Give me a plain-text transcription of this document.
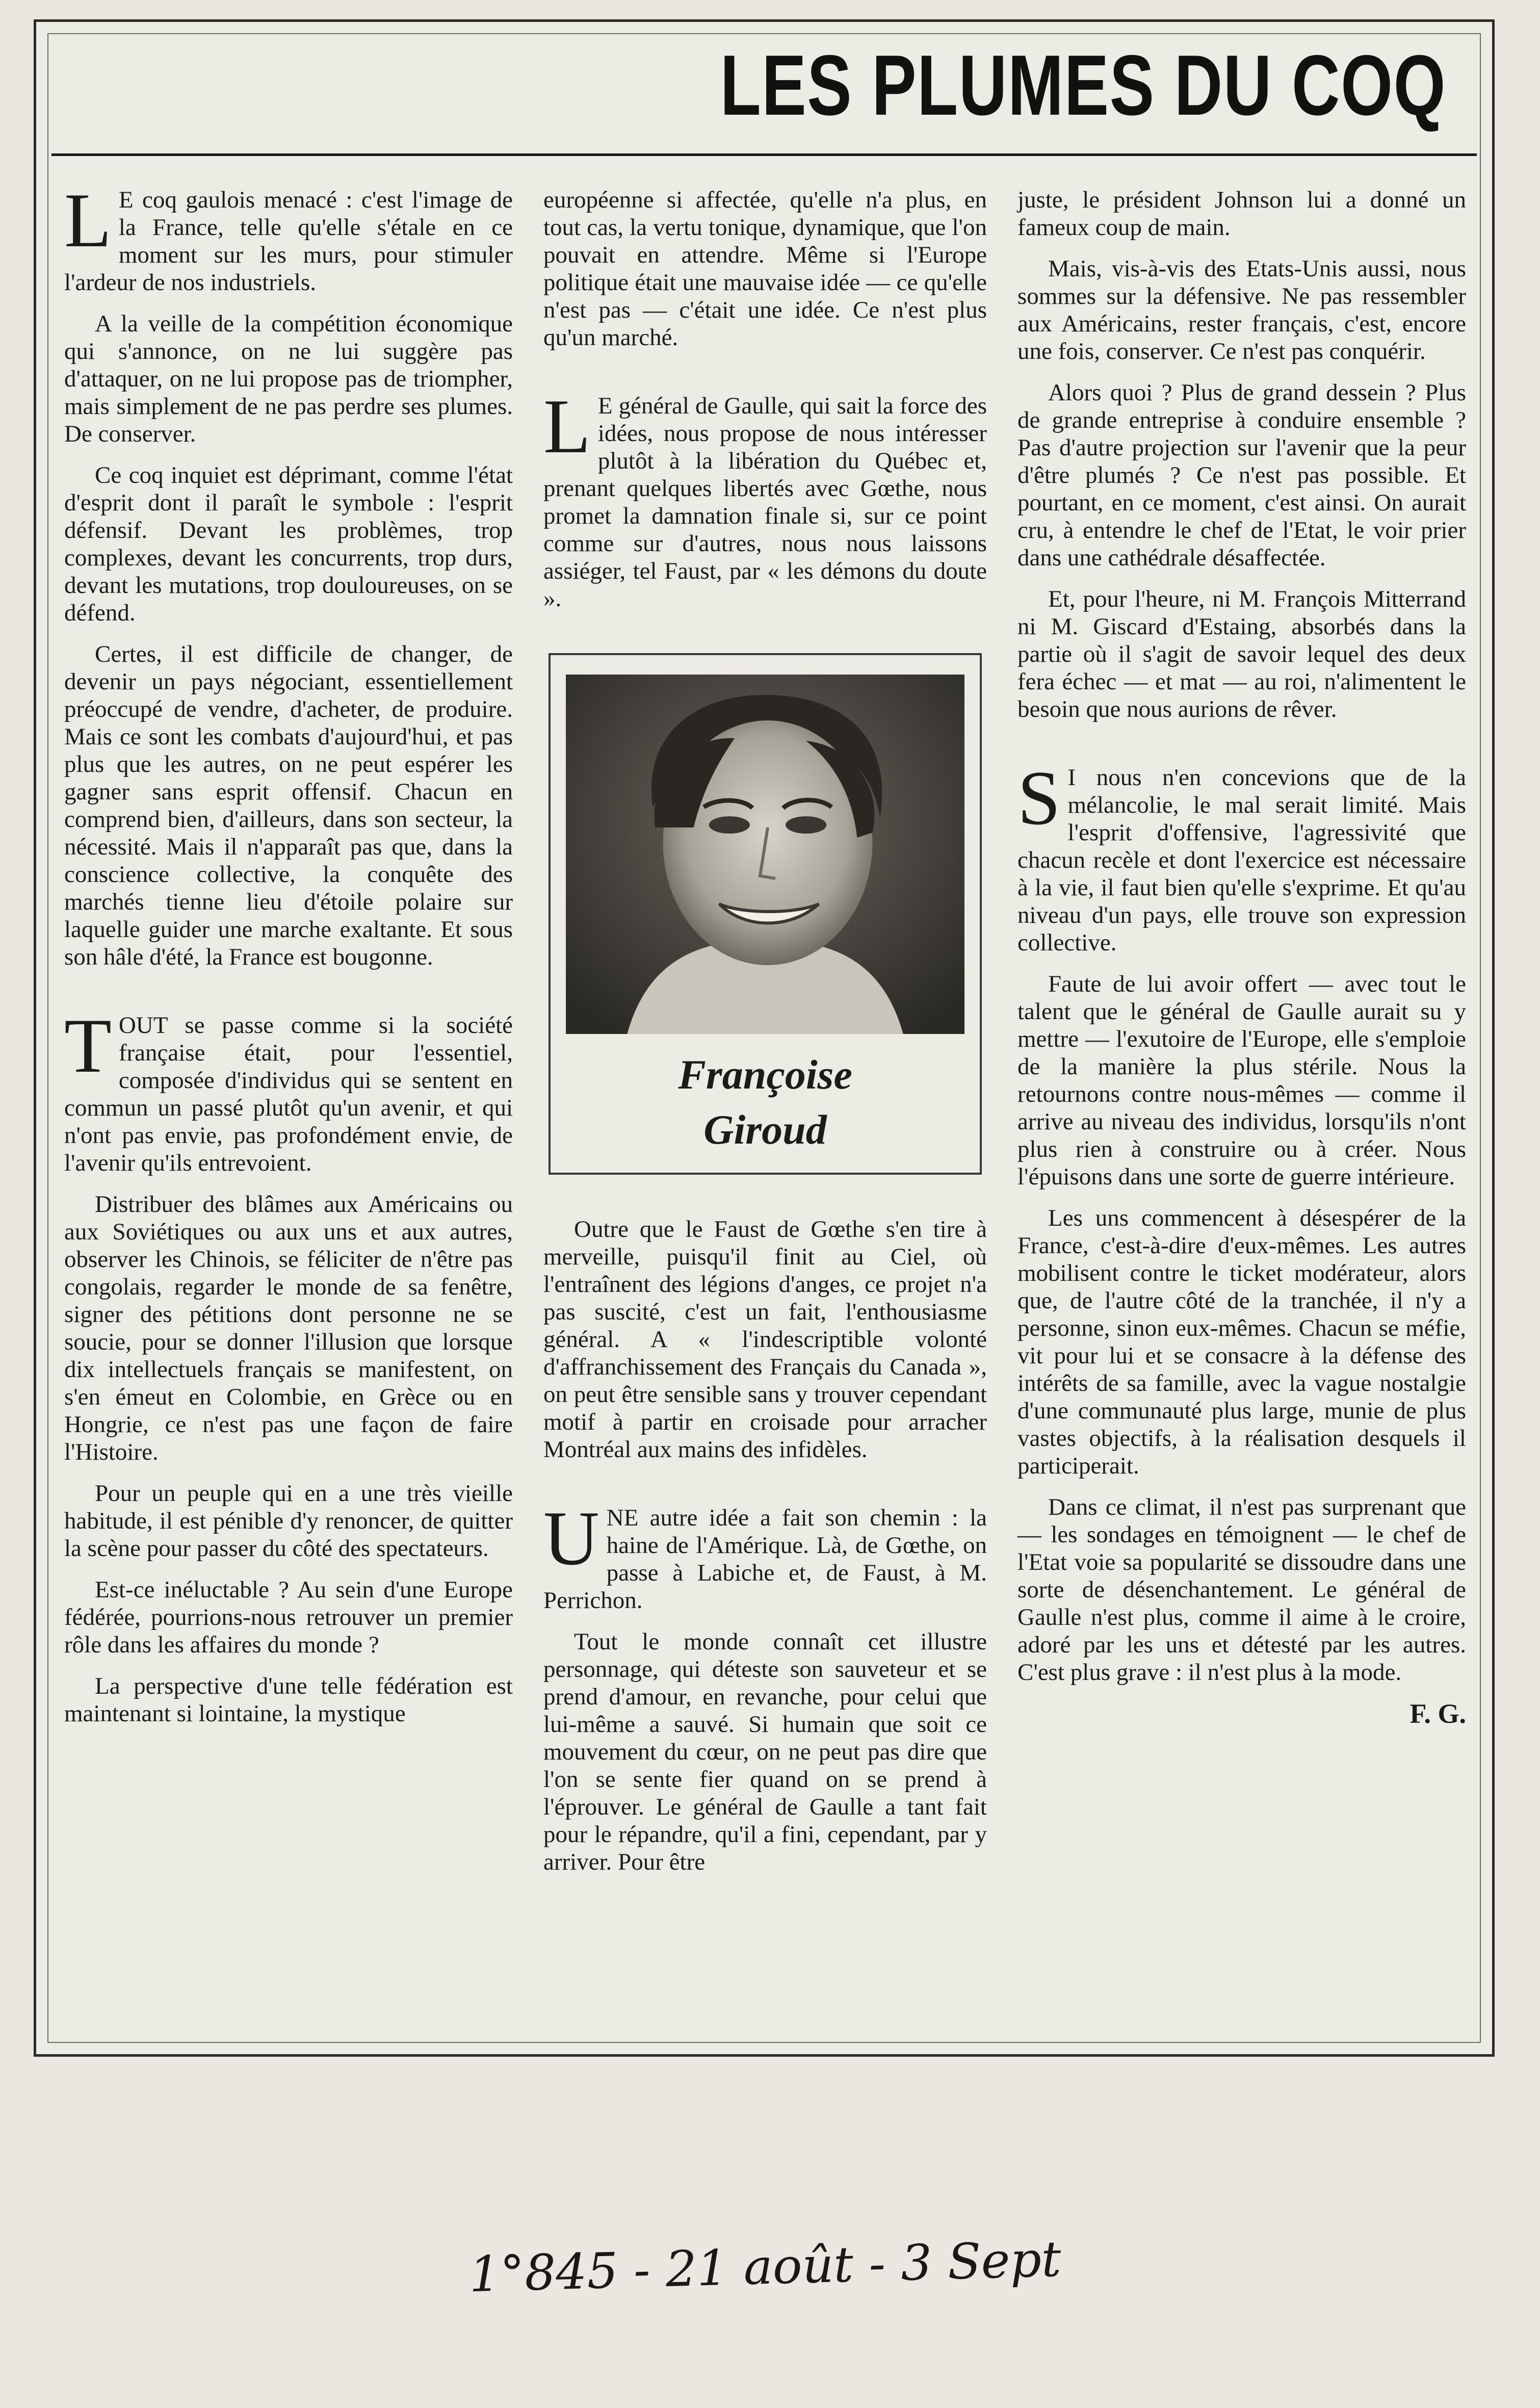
LES PLUMES DU COQ

L E coq gaulois menacé : c'est l'image de la France, telle qu'elle s'étale en ce moment sur les murs, pour stimuler l'ardeur de nos industriels.

A la veille de la compétition économique qui s'annonce, on ne lui suggère pas d'attaquer, on ne lui propose pas de triompher, mais simplement de ne pas perdre ses plumes. De conserver.

Ce coq inquiet est déprimant, comme l'état d'esprit dont il paraît le symbole : l'esprit défensif. Devant les problèmes, trop complexes, devant les concurrents, trop durs, devant les mutations, trop douloureuses, on se défend.

Certes, il est difficile de changer, de devenir un pays négociant, essentiellement préoccupé de vendre, d'acheter, de produire. Mais ce sont les combats d'aujourd'hui, et pas plus que les autres, on ne peut espérer les gagner sans esprit offensif. Chacun en comprend bien, d'ailleurs, dans son secteur, la nécessité. Mais il n'apparaît pas que, dans la conscience collective, la conquête des marchés tienne lieu d'étoile polaire sur laquelle guider une marche exaltante. Et sous son hâle d'été, la France est bougonne.

TOUT se passe comme si la société française était, pour l'essentiel, composée d'individus qui se sentent en commun un passé plutôt qu'un avenir, et qui n'ont pas envie, pas profondément envie, de l'avenir qu'ils entrevoient.

Distribuer des blâmes aux Américains ou aux Soviétiques ou aux uns et aux autres, observer les Chinois, se féliciter de n'être pas congolais, regarder le monde de sa fenêtre, signer des pétitions dont personne ne se soucie, pour se donner l'illusion que lorsque dix intellectuels français se manifestent, on s'en émeut en Colombie, en Grèce ou en Hongrie, ce n'est pas une façon de faire l'Histoire.

Pour un peuple qui en a une très vieille habitude, il est pénible d'y renoncer, de quitter la scène pour passer du côté des spectateurs.

Est-ce inéluctable ? Au sein d'une Europe fédérée, pourrions-nous retrouver un premier rôle dans les affaires du monde ?

La perspective d'une telle fédération est maintenant si lointaine, la mystique

européenne si affectée, qu'elle n'a plus, en tout cas, la vertu tonique, dynamique, que l'on pouvait en attendre. Même si l'Europe politique était une mauvaise idée — ce qu'elle n'est pas — c'était une idée. Ce n'est plus qu'un marché.

L E général de Gaulle, qui sait la force des idées, nous propose de nous intéresser plutôt à la libération du Québec et, prenant quelques libertés avec Gœthe, nous promet la damnation finale si, sur ce point comme sur d'autres, nous nous laissons assiéger, tel Faust, par « les démons du doute ».

Françoise
Giroud

Outre que le Faust de Gœthe s'en tire à merveille, puisqu'il finit au Ciel, où l'entraînent des légions d'anges, ce projet n'a pas suscité, c'est un fait, l'enthousiasme général. A « l'indescriptible volonté d'affranchissement des Français du Canada », on peut être sensible sans y trouver cependant motif à partir en croisade pour arracher Montréal aux mains des infidèles.

UNE autre idée a fait son chemin : la haine de l'Amérique. Là, de Gœthe, on passe à Labiche et, de Faust, à M. Perrichon.

Tout le monde connaît cet illustre personnage, qui déteste son sauveteur et se prend d'amour, en revanche, pour celui que lui-même a sauvé. Si humain que soit ce mouvement du cœur, on ne peut pas dire que l'on se sente fier quand on se prend à l'éprouver. Le général de Gaulle a tant fait pour le répandre, qu'il a fini, cependant, par y arriver. Pour être

juste, le président Johnson lui a donné un fameux coup de main.

Mais, vis-à-vis des Etats-Unis aussi, nous sommes sur la défensive. Ne pas ressembler aux Américains, rester français, c'est, encore une fois, conserver. Ce n'est pas conquérir.

Alors quoi ? Plus de grand dessein ? Plus de grande entreprise à conduire ensemble ? Pas d'autre projection sur l'avenir que la peur d'être plumés ? Ce n'est pas possible. Et pourtant, en ce moment, c'est ainsi. On aurait cru, à entendre le chef de l'Etat, le voir prier dans une cathédrale désaffectée.

Et, pour l'heure, ni M. François Mitterrand ni M. Giscard d'Estaing, absorbés dans la partie où il s'agit de savoir lequel des deux fera échec — et mat — au roi, n'alimentent le besoin que nous aurions de rêver.

S I nous n'en concevions que de la mélancolie, le mal serait limité. Mais l'esprit d'offensive, l'agressivité que chacun recèle et dont l'exercice est nécessaire à la vie, il faut bien qu'elle s'exprime. Et qu'au niveau d'un pays, elle trouve son expression collective.

Faute de lui avoir offert — avec tout le talent que le général de Gaulle aurait su y mettre — l'exutoire de l'Europe, elle s'emploie de la manière la plus stérile. Nous la retournons contre nous-mêmes — comme il arrive au niveau des individus, lorsqu'ils n'ont plus rien à construire ou à créer. Nous l'épuisons dans une sorte de guerre intérieure.

Les uns commencent à désespérer de la France, c'est-à-dire d'eux-mêmes. Les autres mobilisent contre le ticket modérateur, alors que, de l'autre côté de la tranchée, il n'y a personne, sinon eux-mêmes. Chacun se méfie, vit pour lui et se consacre à la défense des intérêts de sa famille, avec la vague nostalgie d'une communauté plus large, munie de plus vastes objectifs, à la réalisation desquels il participerait.

Dans ce climat, il n'est pas surprenant que — les sondages en témoignent — le chef de l'Etat voie sa popularité se dissoudre dans une sorte de désenchantement. Le général de Gaulle n'est plus, comme il aime à le croire, adoré par les uns et détesté par les autres. C'est plus grave : il n'est plus à la mode.

F. G.

1°845 - 21 août - 3 Sept
